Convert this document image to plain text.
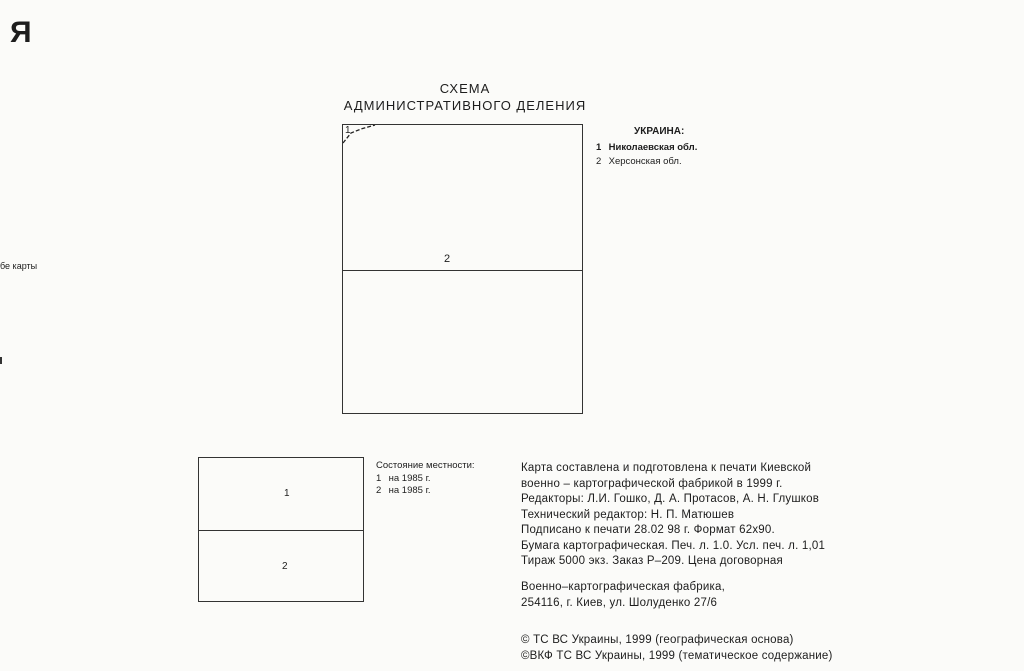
Я
бе карты
СХЕМА
АДМИНИСТРАТИВНОГО ДЕЛЕНИЯ
1
2
УКРАИНА:
1 Николаевская обл.
2 Херсонская обл.
1
2
Состояние местности:
1 на 1985 г.
2 на 1985 г.
Карта составлена и подготовлена к печати Киевской
военно – картографической фабрикой в 1999 г.
Редакторы: Л.И. Гошко, Д. А. Протасов, А. Н. Глушков
Технический редактор: Н. П. Матюшев
Подписано к печати 28.02 98 г. Формат 62x90.
Бумага картографическая. Печ. л. 1.0. Усл. печ. л. 1,01
Тираж 5000 экз. Заказ Р–209. Цена договорная
Военно–картографическая фабрика,
254116, г. Киев, ул. Шолуденко 27/6
© ТС ВС Украины, 1999 (географическая основа)
©ВКФ ТС ВС Украины, 1999 (тематическое содержание)
